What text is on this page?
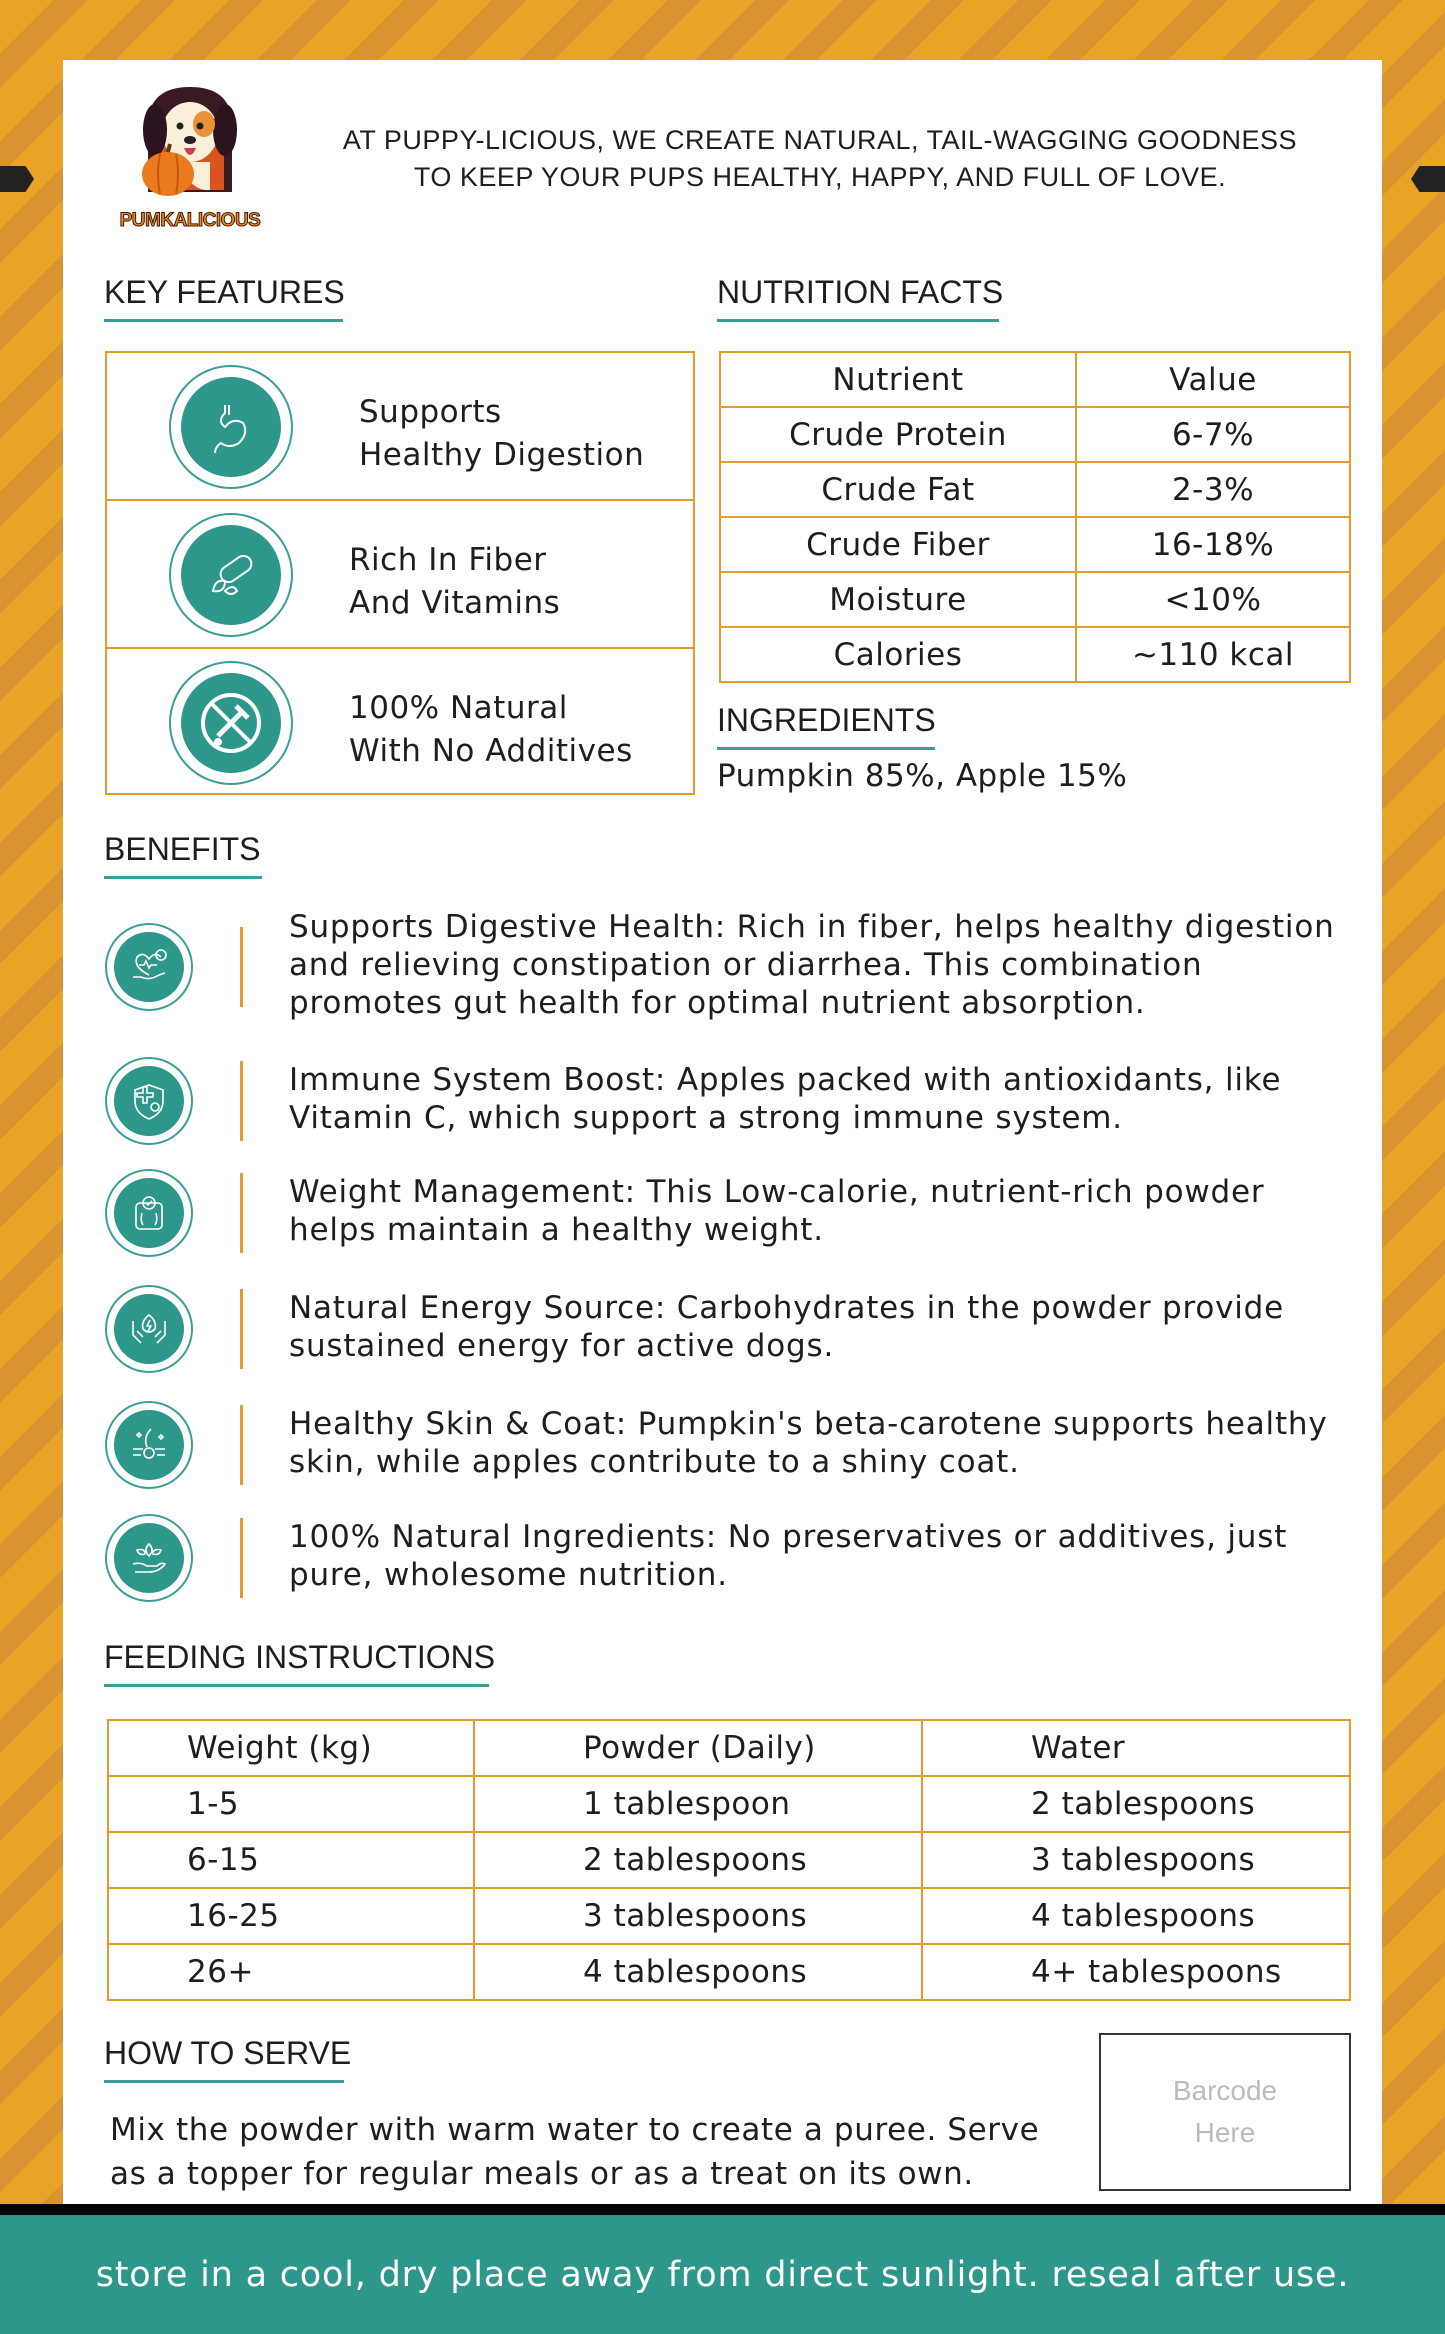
PUMKALICIOUS
AT PUPPY-LICIOUS, WE CREATE NATURAL, TAIL-WAGGING GOODNESS
TO KEEP YOUR PUPS HEALTHY, HAPPY, AND FULL OF LOVE.
KEY FEATURES
Supports
Healthy Digestion
Rich In Fiber
And Vitamins
100% Natural
With No Additives
NUTRITION FACTS
Nutrient	Value
Crude Protein	6-7%
Crude Fat	2-3%
Crude Fiber	16-18%
Moisture	<10%
Calories	~110 kcal
INGREDIENTS
Pumpkin 85%, Apple 15%
BENEFITS
Supports Digestive Health: Rich in fiber, helps healthy digestion and relieving constipation or diarrhea. This combination promotes gut health for optimal nutrient absorption.
Immune System Boost: Apples packed with antioxidants, like Vitamin C, which support a strong immune system.
Weight Management: This Low-calorie, nutrient-rich powder helps maintain a healthy weight.
Natural Energy Source: Carbohydrates in the powder provide sustained energy for active dogs.
Healthy Skin & Coat: Pumpkin's beta-carotene supports healthy skin, while apples contribute to a shiny coat.
100% Natural Ingredients: No preservatives or additives, just pure, wholesome nutrition.
FEEDING INSTRUCTIONS
Weight (kg)	Powder (Daily)	Water
1-5	1 tablespoon	2 tablespoons
6-15	2 tablespoons	3 tablespoons
16-25	3 tablespoons	4 tablespoons
26+	4 tablespoons	4+ tablespoons
HOW TO SERVE
Mix the powder with warm water to create a puree. Serve
as a topper for regular meals or as a treat on its own.
Barcode
Here
store in a cool, dry place away from direct sunlight. reseal after use.
